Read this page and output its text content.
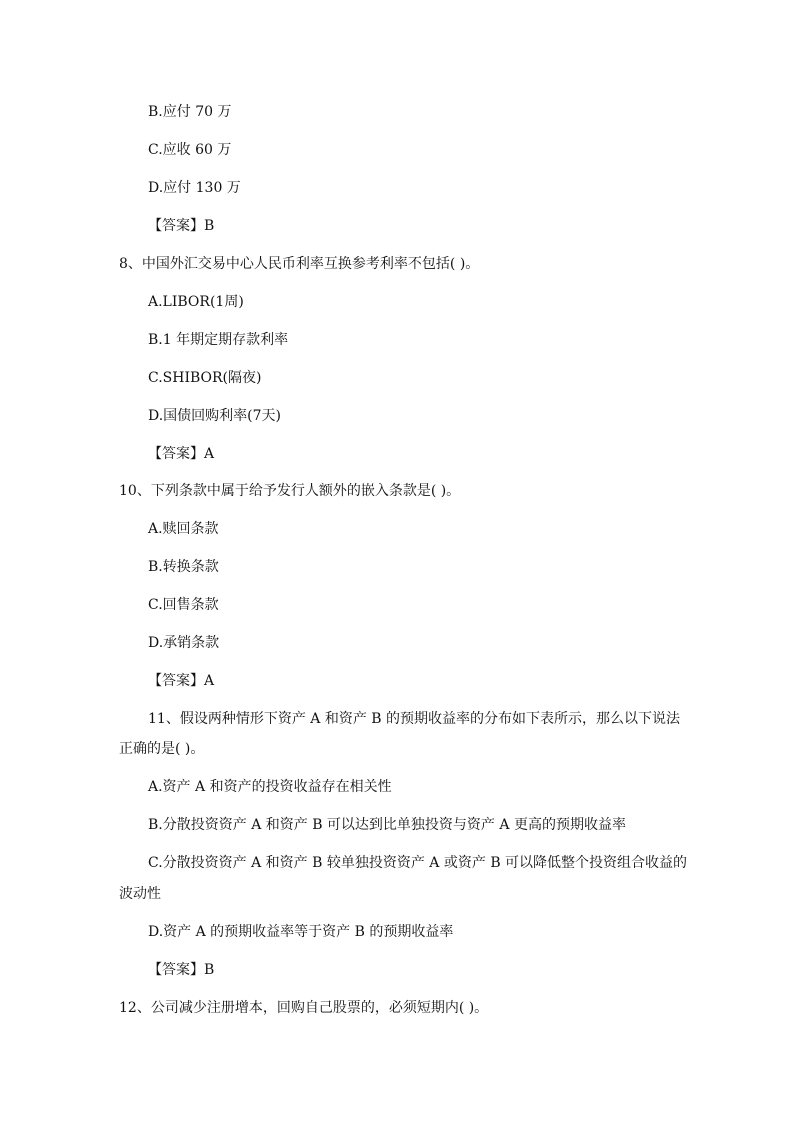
B.应付 70 万
C.应收 60 万
D.应付 130 万
【答案】B
8、中国外汇交易中心人民币利率互换参考利率不包括( )。
A.LIBOR(1周)
B.1 年期定期存款利率
C.SHIBOR(隔夜)
D.国债回购利率(7天)
【答案】A
10、下列条款中属于给予发行人额外的嵌入条款是( )。
A.赎回条款
B.转换条款
C.回售条款
D.承销条款
【答案】A
11、假设两种情形下资产 A 和资产 B 的预期收益率的分布如下表所示，那么以下说法
正确的是( )。
A.资产 A 和资产的投资收益存在相关性
B.分散投资资产 A 和资产 B 可以达到比单独投资与资产 A 更高的预期收益率
C.分散投资资产 A 和资产 B 较单独投资资产 A 或资产 B 可以降低整个投资组合收益的
波动性
D.资产 A 的预期收益率等于资产 B 的预期收益率
【答案】B
12、公司减少注册增本，回购自己股票的，必须短期内( )。
